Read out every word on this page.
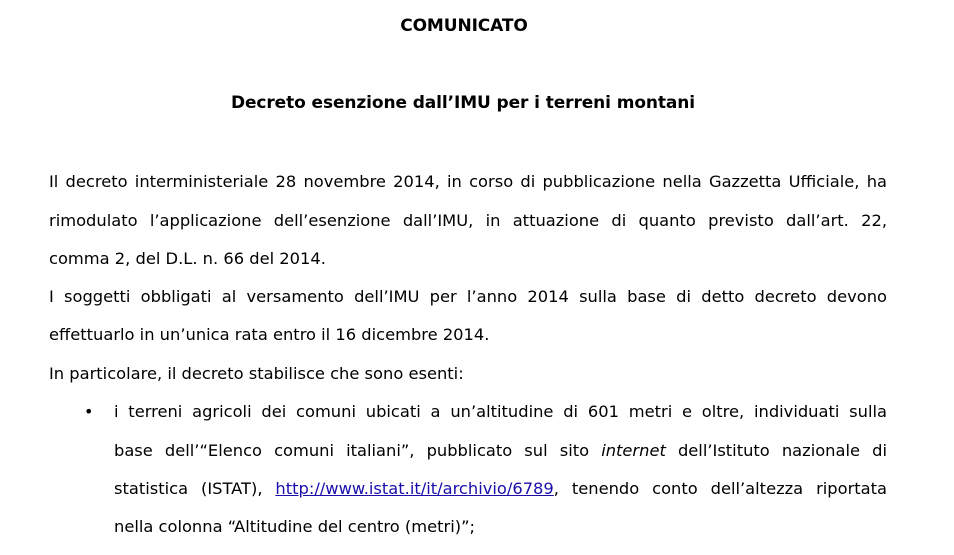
COMUNICATO
Decreto esenzione dall’IMU per i terreni montani
Il decreto interministeriale 28 novembre 2014, in corso di pubblicazione nella Gazzetta Ufficiale, ha
rimodulato l’applicazione dell’esenzione dall’IMU, in attuazione di quanto previsto dall’art. 22,
comma 2, del D.L. n. 66 del 2014.
I soggetti obbligati al versamento dell’IMU per l’anno 2014 sulla base di detto decreto devono
effettuarlo in un’unica rata entro il 16 dicembre 2014.
In particolare, il decreto stabilisce che sono esenti:
• i terreni agricoli dei comuni ubicati a un’altitudine di 601 metri e oltre, individuati sulla
base dell’“Elenco comuni italiani”, pubblicato sul sito internet dell’Istituto nazionale di
statistica (ISTAT), http://www.istat.it/it/archivio/6789, tenendo conto dell’altezza riportata
nella colonna “Altitudine del centro (metri)”;
